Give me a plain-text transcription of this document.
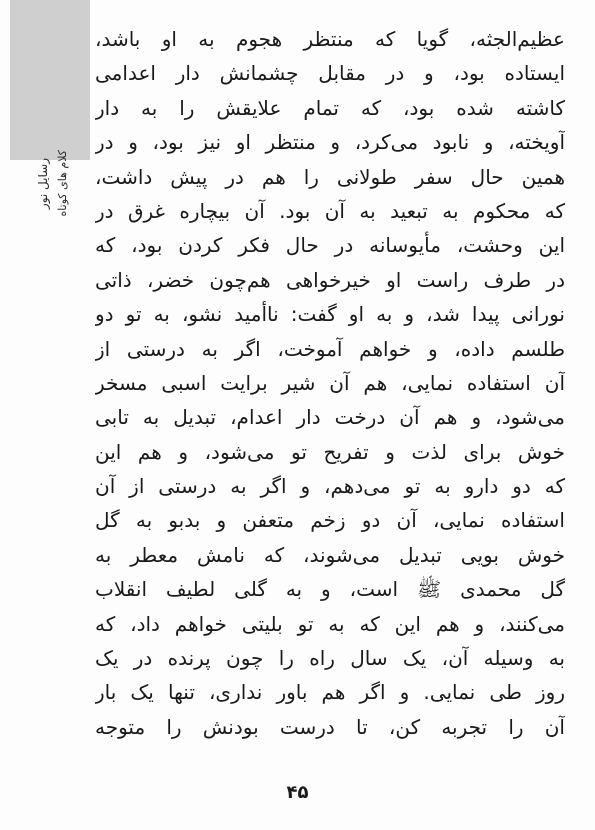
رسایل نور کلام های کوتاه
عظیم‌الجثه، گویا که منتظر هجوم به او باشد،
ایستاده بود، و در مقابل چشمانش دار اعدامی
کاشته شده بود، که تمام علایقش را به دار
آویخته، و نابود می‌کرد، و منتظر او نیز بود، و در
همین حال سفر طولانی را هم در پیش داشت،
که محکوم به تبعید به آن بود. آن بیچاره غرق در
این وحشت، مأیوسانه در حال فکر کردن بود، که
در طرف راست او خیرخواهی هم‌چون خضر، ذاتی
نورانی پیدا شد، و به او گفت: ناأمید نشو، به تو دو
طلسم داده، و خواهم آموخت، اگر به درستی از
آن استفاده نمایی، هم آن شیر برایت اسبی مسخر
می‌شود، و هم آن درخت دار اعدام، تبدیل به تابی
خوش برای لذت و تفریح تو می‌شود، و هم این
که دو دارو به تو می‌دهم، و اگر به درستی از آن
استفاده نمایی، آن دو زخم متعفن و بدبو به گل
خوش بویی تبدیل می‌شوند، که نامش معطر به
گل محمدی ﷺ است، و به گلی لطیف انقلاب
می‌کنند، و هم این که به تو بلیتی خواهم داد، که
به وسیله آن، یک سال راه را چون پرنده در یک
روز طی نمایی. و اگر هم باور نداری، تنها یک بار
آن را تجربه کن، تا درست بودنش را متوجه
۴۵
